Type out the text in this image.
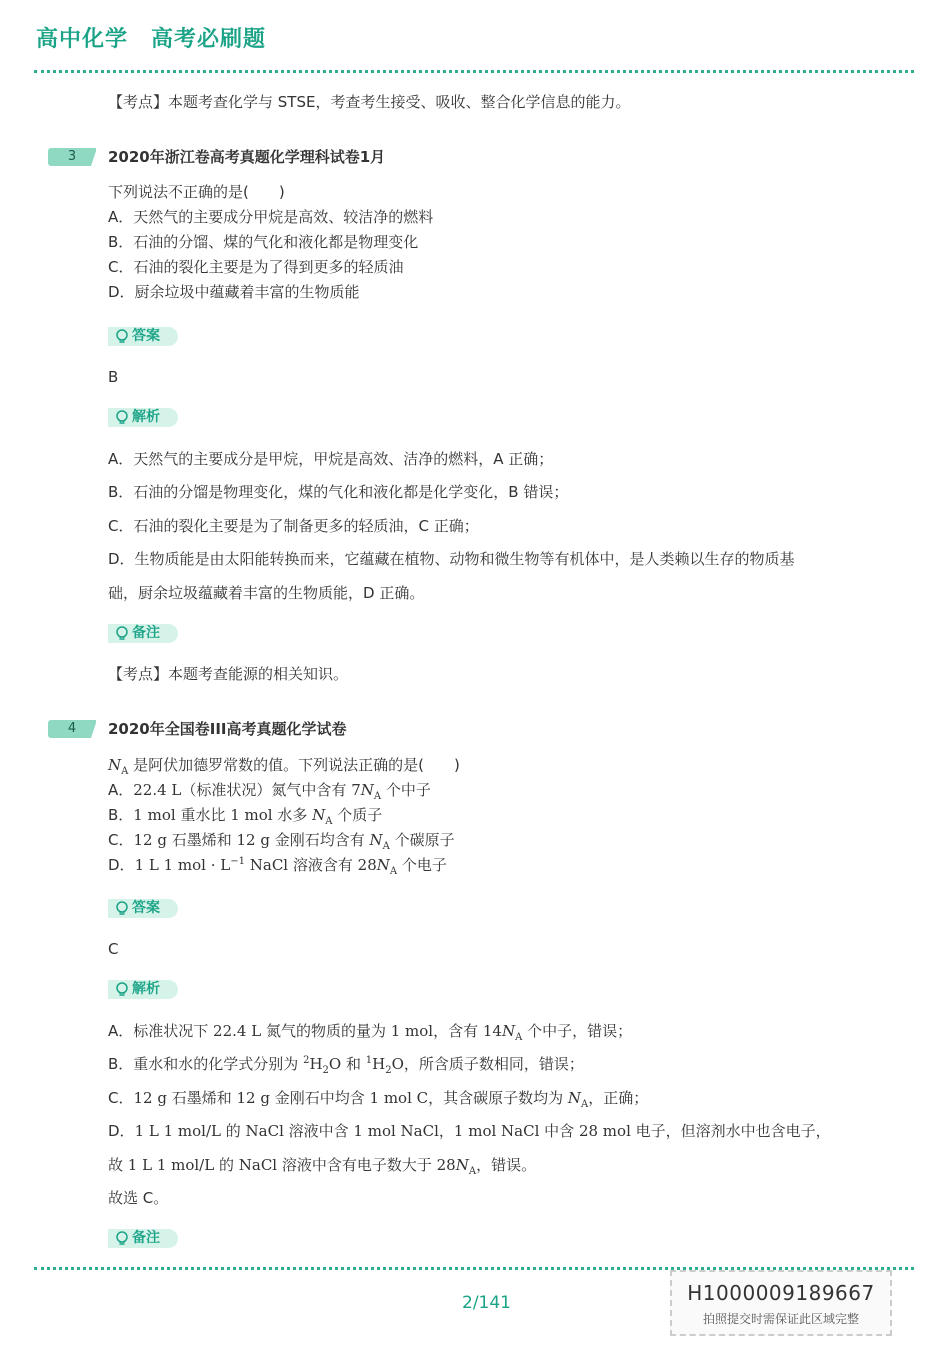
高中化学　高考必刷题
【考点】本题考查化学与 STSE，考查考生接受、吸收、整合化学信息的能力。
3	2020年浙江卷高考真题化学理科试卷1月
下列说法不正确的是(　　)
A．天然气的主要成分甲烷是高效、较洁净的燃料
B．石油的分馏、煤的气化和液化都是物理变化
C．石油的裂化主要是为了得到更多的轻质油
D．厨余垃圾中蕴藏着丰富的生物质能
答案
B
解析
A．天然气的主要成分是甲烷，甲烷是高效、洁净的燃料，A 正确；
B．石油的分馏是物理变化，煤的气化和液化都是化学变化，B 错误；
C．石油的裂化主要是为了制备更多的轻质油，C 正确；
D．生物质能是由太阳能转换而来，它蕴藏在植物、动物和微生物等有机体中，是人类赖以生存的物质基
础，厨余垃圾蕴藏着丰富的生物质能，D 正确。
备注
【考点】本题考查能源的相关知识。
4	2020年全国卷III高考真题化学试卷
$N_A$ 是阿伏加德罗常数的值。下列说法正确的是(　　)
A．22.4 L（标准状况）氮气中含有 $7N_A$ 个中子
B．1 mol 重水比 1 mol 水多 $N_A$ 个质子
C．12 g 石墨烯和 12 g 金刚石均含有 $N_A$ 个碳原子
D．1 L 1 mol · $L^{-1}$ NaCl 溶液含有 $28N_A$ 个电子
答案
C
解析
A．标准状况下 22.4 L 氮气的物质的量为 1 mol，含有 $14N_A$ 个中子，错误；
B．重水和水的化学式分别为 $^2H_2O$ 和 $^1H_2O$，所含质子数相同，错误；
C．12 g 石墨烯和 12 g 金刚石中均含 1 mol C，其含碳原子数均为 $N_A$，正确；
D．1 L 1 mol/L 的 NaCl 溶液中含 1 mol NaCl，1 mol NaCl 中含 28 mol 电子，但溶剂水中也含电子，
故 1 L 1 mol/L 的 NaCl 溶液中含有电子数大于 $28N_A$，错误。
故选 C。
备注
2/141	H1000009189667
拍照提交时需保证此区域完整
